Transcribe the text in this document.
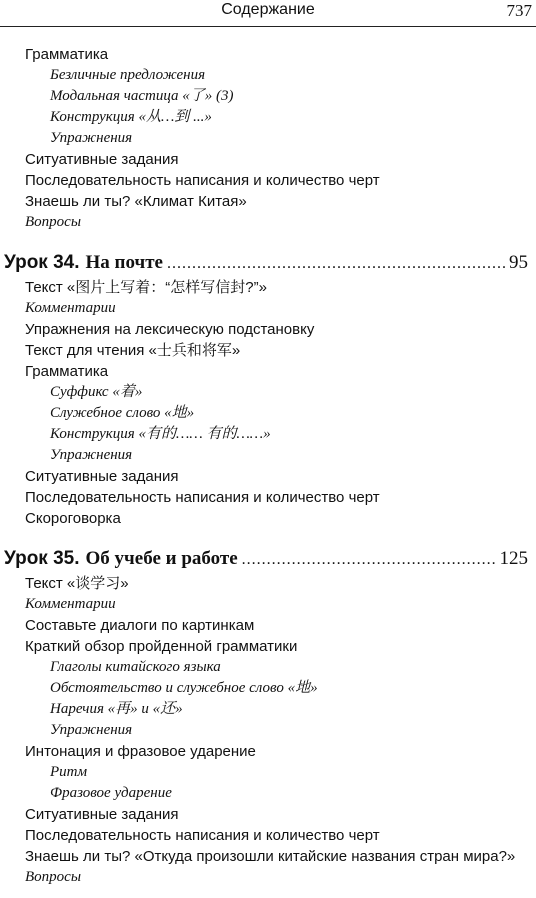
Содержание	737
Грамматика
Безличные предложения
Модальная частица «了» (3)
Конструкция «从…到 ...»
Упражнения
Ситуативные задания
Последовательность написания и количество черт
Знаешь ли ты? «Климат Китая»
Вопросы
Урок 34. На почте .....	95
Текст «图片上写着：“怎样写信封?”»
Комментарии
Упражнения на лексическую подстановку
Текст для чтения «士兵和将军»
Грамматика
Суффикс «着»
Служебное слово «地»
Конструкция «有的…… 有的……»
Упражнения
Ситуативные задания
Последовательность написания и количество черт
Скороговорка
Урок 35. Об учебе и работе .....	125
Текст «谈学习»
Комментарии
Составьте диалоги по картинкам
Краткий обзор пройденной грамматики
Глаголы китайского языка
Обстоятельство и служебное слово «地»
Наречия «再» и «还»
Упражнения
Интонация и фразовое ударение
Ритм
Фразовое ударение
Ситуативные задания
Последовательность написания и количество черт
Знаешь ли ты? «Откуда произошли китайские названия стран мира?»
Вопросы
